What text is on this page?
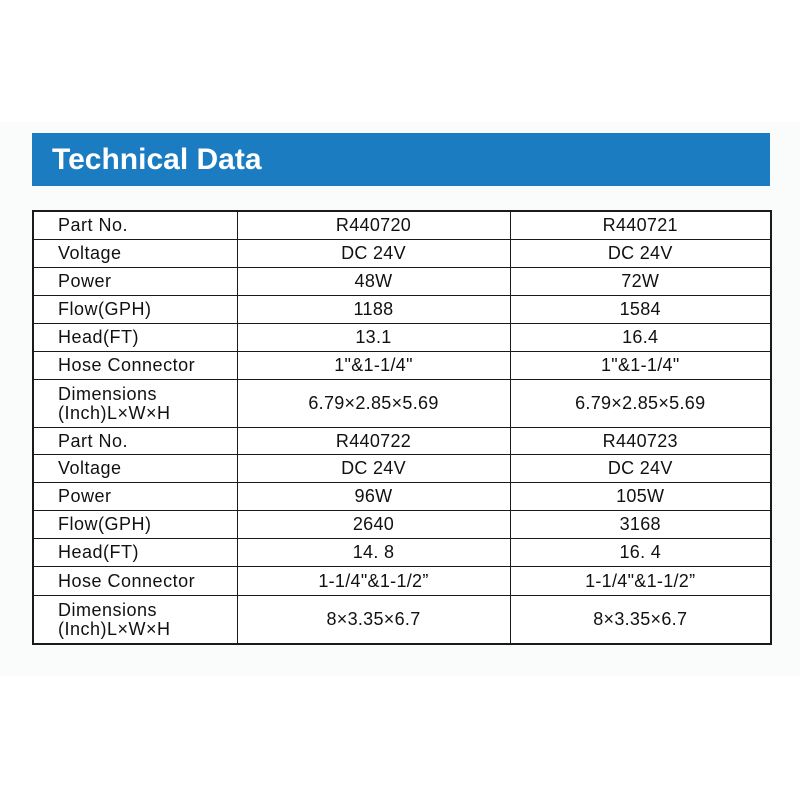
Technical Data
Part No.	R440720	R440721
Voltage	DC 24V	DC 24V
Power	48W	72W
Flow(GPH)	1188	1584
Head(FT)	13.1	16.4
Hose Connector	1"&1-1/4"	1"&1-1/4"

Dimensions
(Inch)L×W×H	6.79×2.85×5.69	6.79×2.85×5.69
Part No.	R440722	R440723
Voltage	DC 24V	DC 24V
Power	96W	105W
Flow(GPH)	2640	3168
Head(FT)	14. 8	16. 4
Hose Connector	1-1/4"&1-1/2”	1-1/4"&1-1/2”

Dimensions
(Inch)L×W×H	8×3.35×6.7	8×3.35×6.7
